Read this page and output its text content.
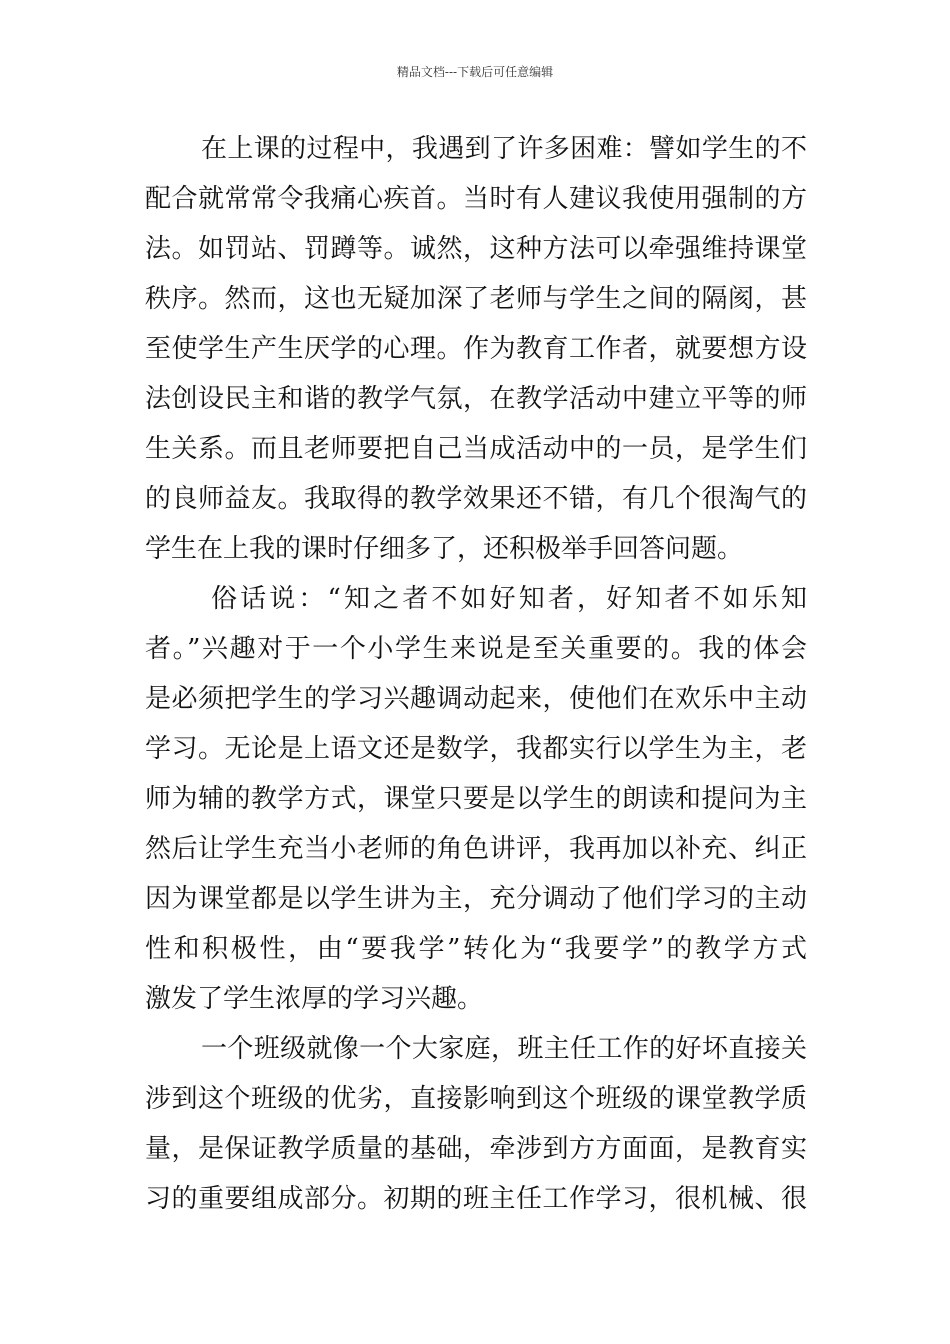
精品文档---下载后可任意编辑
在上课的过程中，我遇到了许多困难：譬如学生的不
配合就常常令我痛心疾首。当时有人建议我使用强制的方
法。如罚站、罚蹲等。诚然，这种方法可以牵强维持课堂
秩序。然而，这也无疑加深了老师与学生之间的隔阂，甚
至使学生产生厌学的心理。作为教育工作者，就要想方设
法创设民主和谐的教学气氛，在教学活动中建立平等的师
生关系。而且老师要把自己当成活动中的一员，是学生们
的良师益友。我取得的教学效果还不错，有几个很淘气的
学生在上我的课时仔细多了，还积极举手回答问题。
俗话说：“知之者不如好知者，好知者不如乐知
者。”兴趣对于一个小学生来说是至关重要的。我的体会
是必须把学生的学习兴趣调动起来，使他们在欢乐中主动
学习。无论是上语文还是数学，我都实行以学生为主，老
师为辅的教学方式，课堂只要是以学生的朗读和提问为主
然后让学生充当小老师的角色讲评，我再加以补充、纠正
因为课堂都是以学生讲为主，充分调动了他们学习的主动
性和积极性，由“要我学”转化为“我要学”的教学方式
激发了学生浓厚的学习兴趣。
一个班级就像一个大家庭，班主任工作的好坏直接关
涉到这个班级的优劣，直接影响到这个班级的课堂教学质
量，是保证教学质量的基础，牵涉到方方面面，是教育实
习的重要组成部分。初期的班主任工作学习，很机械、很
